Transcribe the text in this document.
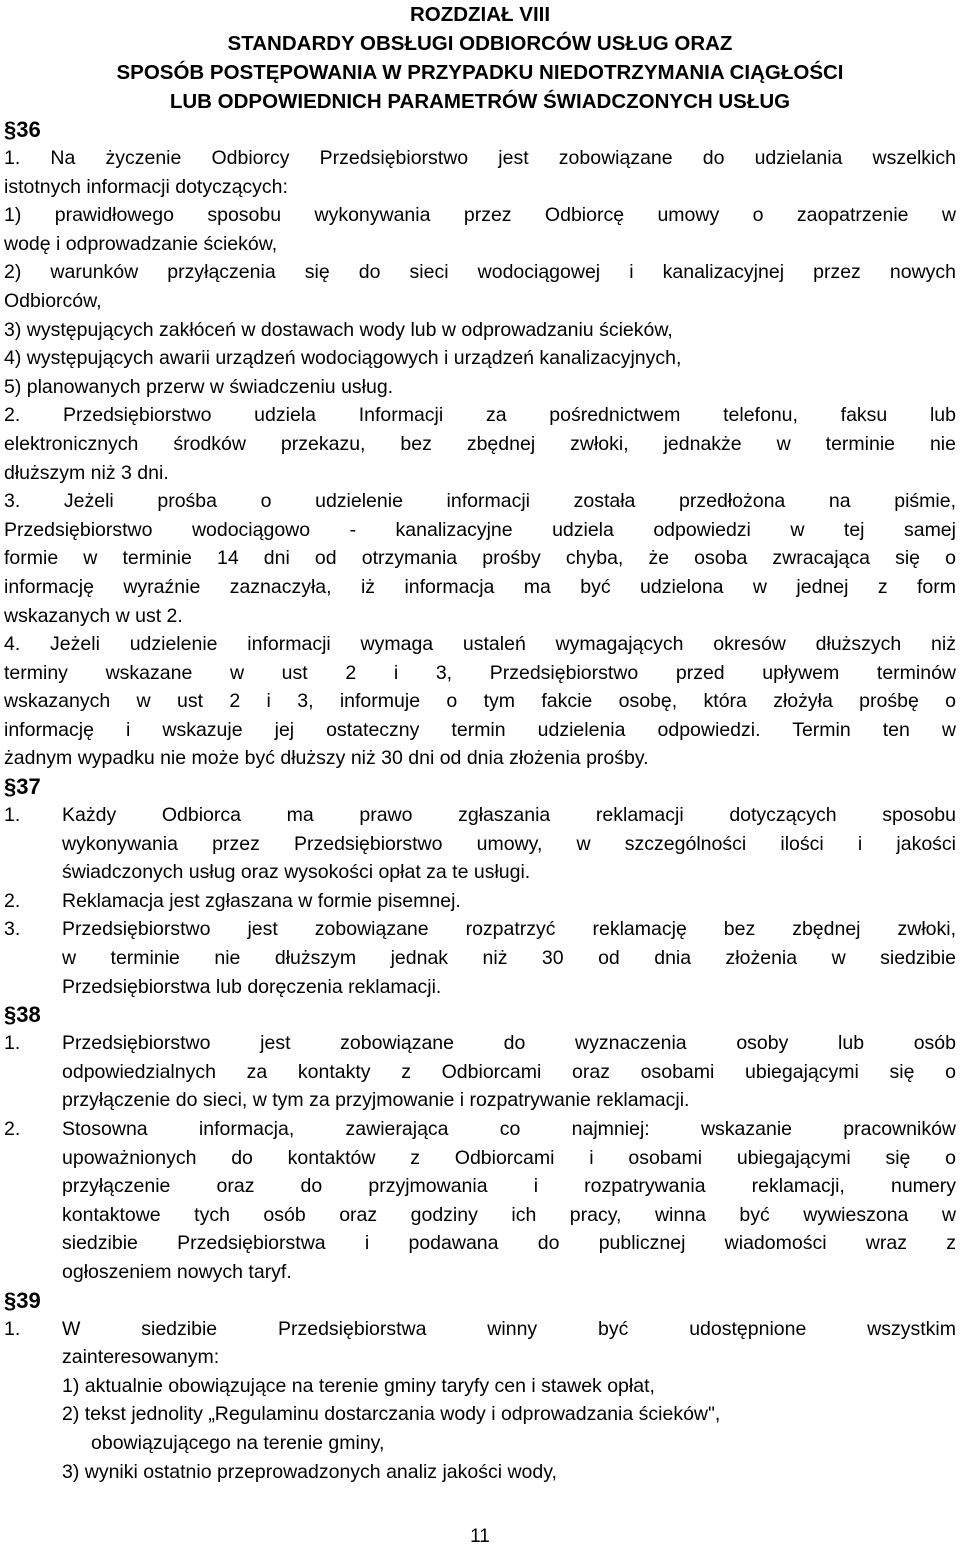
ROZDZIAŁ VIII
STANDARDY OBSŁUGI ODBIORCÓW USŁUG ORAZ
SPOSÓB POSTĘPOWANIA W PRZYPADKU NIEDOTRZYMANIA CIĄGŁOŚCI
LUB ODPOWIEDNICH PARAMETRÓW ŚWIADCZONYCH USŁUG
§36
1. Na życzenie Odbiorcy Przedsiębiorstwo jest zobowiązane do udzielania wszelkich
istotnych informacji dotyczących:
1) prawidłowego sposobu wykonywania przez Odbiorcę umowy o zaopatrzenie w
wodę i odprowadzanie ścieków,
2) warunków przyłączenia się do sieci wodociągowej i kanalizacyjnej przez nowych
Odbiorców,
3) występujących zakłóceń w dostawach wody lub w odprowadzaniu ścieków,
4) występujących awarii urządzeń wodociągowych i urządzeń kanalizacyjnych,
5) planowanych przerw w świadczeniu usług.
2. Przedsiębiorstwo udziela Informacji za pośrednictwem telefonu, faksu lub
elektronicznych środków przekazu, bez zbędnej zwłoki, jednakże w terminie nie
dłuższym niż 3 dni.
3. Jeżeli prośba o udzielenie informacji została przedłożona na piśmie,
Przedsiębiorstwo wodociągowo - kanalizacyjne udziela odpowiedzi w tej samej
formie w terminie 14 dni od otrzymania prośby chyba, że osoba zwracająca się o
informację wyraźnie zaznaczyła, iż informacja ma być udzielona w jednej z form
wskazanych w ust 2.
4. Jeżeli udzielenie informacji wymaga ustaleń wymagających okresów dłuższych niż
terminy wskazane w ust 2 i 3, Przedsiębiorstwo przed upływem terminów
wskazanych w ust 2 i 3, informuje o tym fakcie osobę, która złożyła prośbę o
informację i wskazuje jej ostateczny termin udzielenia odpowiedzi. Termin ten w
żadnym wypadku nie może być dłuższy niż 30 dni od dnia złożenia prośby.
§37
1. Każdy Odbiorca ma prawo zgłaszania reklamacji dotyczących sposobu
wykonywania przez Przedsiębiorstwo umowy, w szczególności ilości i jakości
świadczonych usług oraz wysokości opłat za te usługi.
2. Reklamacja jest zgłaszana w formie pisemnej.
3. Przedsiębiorstwo jest zobowiązane rozpatrzyć reklamację bez zbędnej zwłoki,
w terminie nie dłuższym jednak niż 30 od dnia złożenia w siedzibie
Przedsiębiorstwa lub doręczenia reklamacji.
§38
1. Przedsiębiorstwo jest zobowiązane do wyznaczenia osoby lub osób
odpowiedzialnych za kontakty z Odbiorcami oraz osobami ubiegającymi się o
przyłączenie do sieci, w tym za przyjmowanie i rozpatrywanie reklamacji.
2. Stosowna informacja, zawierająca co najmniej: wskazanie pracowników
upoważnionych do kontaktów z Odbiorcami i osobami ubiegającymi się o
przyłączenie oraz do przyjmowania i rozpatrywania reklamacji, numery
kontaktowe tych osób oraz godziny ich pracy, winna być wywieszona w
siedzibie Przedsiębiorstwa i podawana do publicznej wiadomości wraz z
ogłoszeniem nowych taryf.
§39
1. W siedzibie Przedsiębiorstwa winny być udostępnione wszystkim
zainteresowanym:
1) aktualnie obowiązujące na terenie gminy taryfy cen i stawek opłat,
2) tekst jednolity „Regulaminu dostarczania wody i odprowadzania ścieków",
obowiązującego na terenie gminy,
3) wyniki ostatnio przeprowadzonych analiz jakości wody,
11
